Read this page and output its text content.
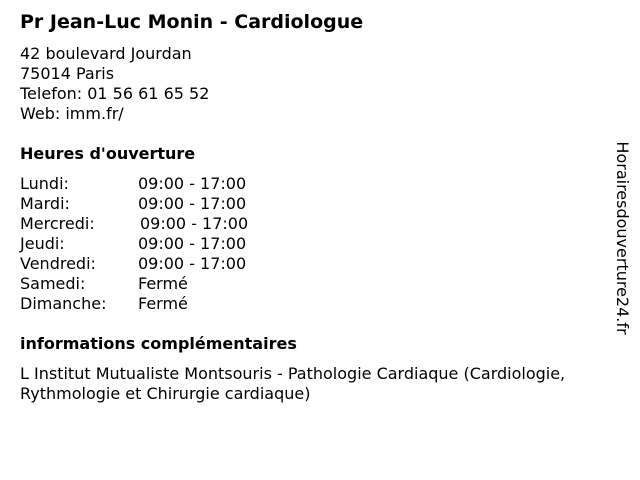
Pr Jean-Luc Monin - Cardiologue
42 boulevard Jourdan
75014 Paris
Telefon: 01 56 61 65 52
Web: imm.fr/
Heures d'ouverture
Lundi:	09:00 - 17:00
Mardi:	09:00 - 17:00
Mercredi:	09:00 - 17:00
Jeudi:	09:00 - 17:00
Vendredi:	09:00 - 17:00
Samedi:	Fermé
Dimanche: Fermé
informations complémentaires
L Institut Mutualiste Montsouris - Pathologie Cardiaque (Cardiologie, Rythmologie et Chirurgie cardiaque)
Horairesdouverture24.fr
